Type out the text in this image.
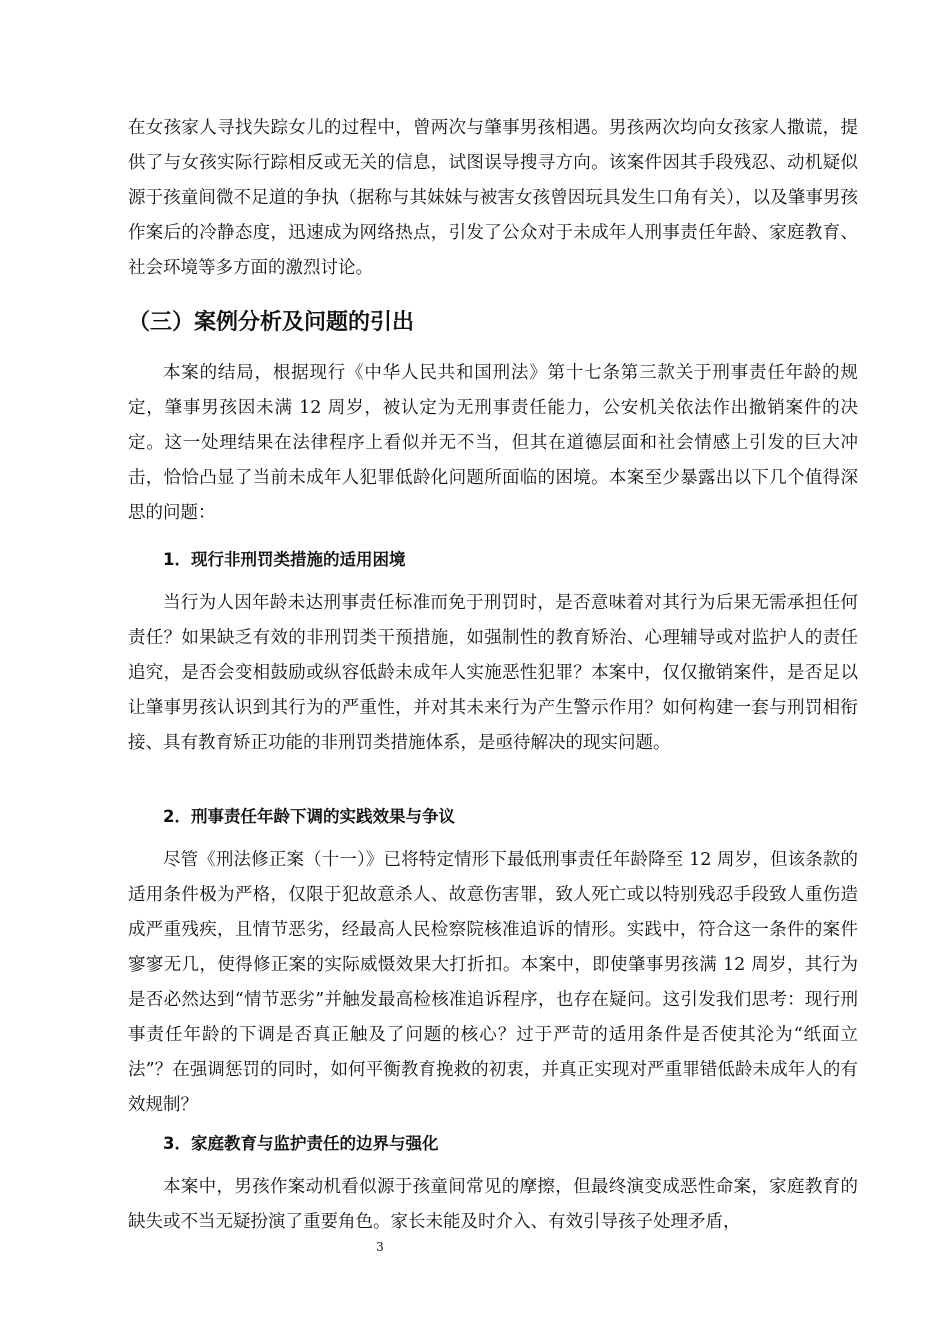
在女孩家人寻找失踪女儿的过程中，曾两次与肇事男孩相遇。男孩两次均向女孩家人撒谎，提供了与女孩实际行踪相反或无关的信息，试图误导搜寻方向。该案件因其手段残忍、动机疑似源于孩童间微不足道的争执（据称与其妹妹与被害女孩曾因玩具发生口角有关），以及肇事男孩作案后的冷静态度，迅速成为网络热点，引发了公众对于未成年人刑事责任年龄、家庭教育、社会环境等多方面的激烈讨论。

（三）案例分析及问题的引出

本案的结局，根据现行《中华人民共和国刑法》第十七条第三款关于刑事责任年龄的规定，肇事男孩因未满 12 周岁，被认定为无刑事责任能力，公安机关依法作出撤销案件的决定。这一处理结果在法律程序上看似并无不当，但其在道德层面和社会情感上引发的巨大冲击，恰恰凸显了当前未成年人犯罪低龄化问题所面临的困境。本案至少暴露出以下几个值得深思的问题：

1．现行非刑罚类措施的适用困境

当行为人因年龄未达刑事责任标准而免于刑罚时，是否意味着对其行为后果无需承担任何责任？如果缺乏有效的非刑罚类干预措施，如强制性的教育矫治、心理辅导或对监护人的责任追究，是否会变相鼓励或纵容低龄未成年人实施恶性犯罪？本案中，仅仅撤销案件，是否足以让肇事男孩认识到其行为的严重性，并对其未来行为产生警示作用？如何构建一套与刑罚相衔接、具有教育矫正功能的非刑罚类措施体系，是亟待解决的现实问题。

2．刑事责任年龄下调的实践效果与争议

尽管《刑法修正案（十一）》已将特定情形下最低刑事责任年龄降至 12 周岁，但该条款的适用条件极为严格，仅限于犯故意杀人、故意伤害罪，致人死亡或以特别残忍手段致人重伤造成严重残疾，且情节恶劣，经最高人民检察院核准追诉的情形。实践中，符合这一条件的案件寥寥无几，使得修正案的实际威慑效果大打折扣。本案中，即使肇事男孩满 12 周岁，其行为是否必然达到“情节恶劣”并触发最高检核准追诉程序，也存在疑问。这引发我们思考：现行刑事责任年龄的下调是否真正触及了问题的核心？过于严苛的适用条件是否使其沦为“纸面立法”？在强调惩罚的同时，如何平衡教育挽救的初衷，并真正实现对严重罪错低龄未成年人的有效规制？

3．家庭教育与监护责任的边界与强化

本案中，男孩作案动机看似源于孩童间常见的摩擦，但最终演变成恶性命案，家庭教育的缺失或不当无疑扮演了重要角色。家长未能及时介入、有效引导孩子处理矛盾，

3
